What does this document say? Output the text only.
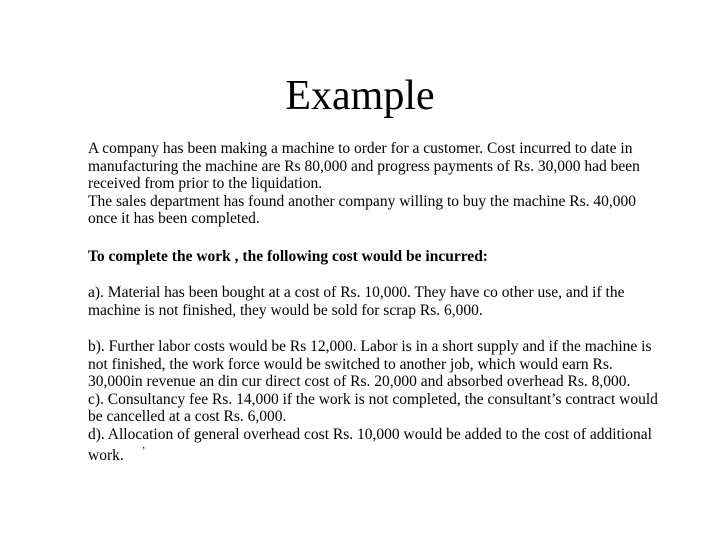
Example

A company has been making a machine to order for a customer. Cost incurred to date in manufacturing the machine are Rs 80,000 and progress payments of Rs. 30,000 had been received from prior to the liquidation.

The sales department has found another company willing to buy the machine Rs. 40,000 once it has been completed.

To complete the work , the following cost would be incurred:

a). Material has been bought at a cost of Rs. 10,000. They have co other use, and if the machine is not finished, they would be sold for scrap Rs. 6,000.

b). Further labor costs would be Rs 12,000. Labor is in a short supply and if the machine is not finished, the work force would be switched to another job, which would earn Rs. 30,000in revenue an din cur direct cost of Rs. 20,000 and absorbed overhead Rs. 8,000.

c). Consultancy fee Rs. 14,000 if the work is not completed, the consultant’s contract would be cancelled at a cost Rs. 6,000.

d). Allocation of general overhead cost Rs. 10,000 would be added to the cost of additional work. ’
